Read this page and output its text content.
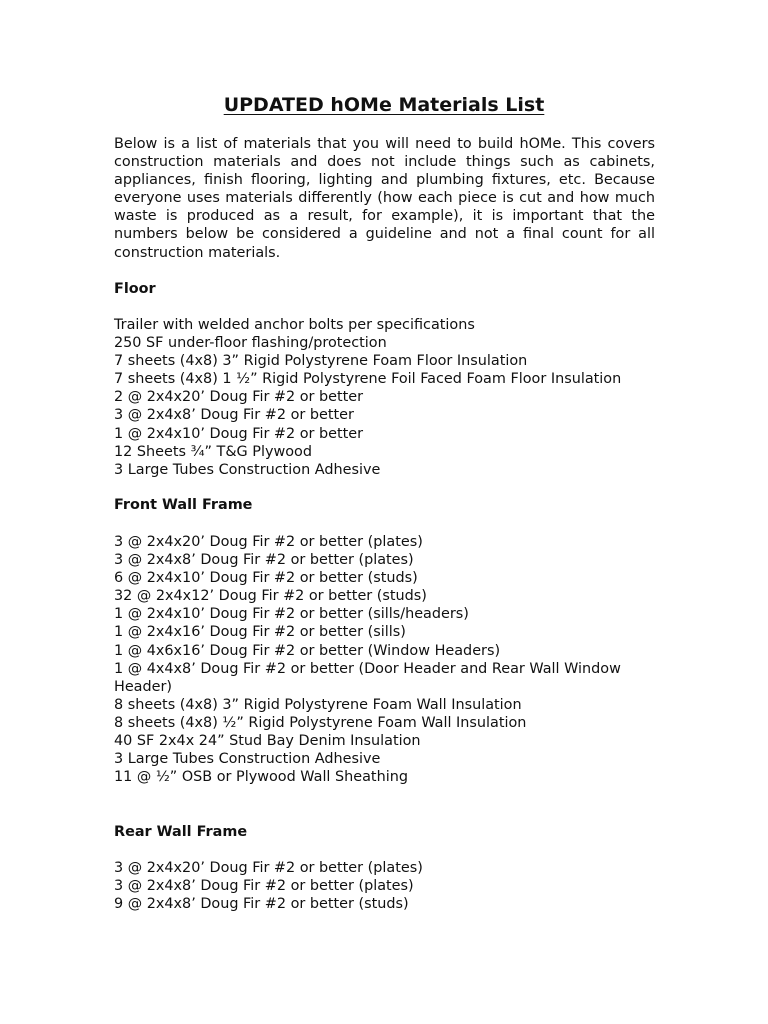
UPDATED hOMe Materials List

Below is a list of materials that you will need to build hOMe. This covers construction materials and does not include things such as cabinets, appliances, finish flooring, lighting and plumbing fixtures, etc. Because everyone uses materials differently (how each piece is cut and how much waste is produced as a result, for example), it is important that the numbers below be considered a guideline and not a final count for all construction materials.

Floor
Trailer with welded anchor bolts per specifications
250 SF under-floor flashing/protection
7 sheets (4x8) 3” Rigid Polystyrene Foam Floor Insulation
7 sheets (4x8) 1 ½” Rigid Polystyrene Foil Faced Foam Floor Insulation
2 @ 2x4x20’ Doug Fir #2 or better
3 @ 2x4x8’ Doug Fir #2 or better
1 @ 2x4x10’ Doug Fir #2 or better
12 Sheets ¾” T&G Plywood
3 Large Tubes Construction Adhesive
Front Wall Frame
3 @ 2x4x20’ Doug Fir #2 or better (plates)
3 @ 2x4x8’ Doug Fir #2 or better (plates)
6 @ 2x4x10’ Doug Fir #2 or better (studs)
32 @ 2x4x12’ Doug Fir #2 or better (studs)
1 @ 2x4x10’ Doug Fir #2 or better (sills/headers)
1 @ 2x4x16’ Doug Fir #2 or better (sills)
1 @ 4x6x16’ Doug Fir #2 or better (Window Headers)
1 @ 4x4x8’ Doug Fir #2 or better (Door Header and Rear Wall Window Header)
8 sheets (4x8) 3” Rigid Polystyrene Foam Wall Insulation
8 sheets (4x8) ½” Rigid Polystyrene Foam Wall Insulation
40 SF 2x4x 24” Stud Bay Denim Insulation
3 Large Tubes Construction Adhesive
11 @ ½” OSB or Plywood Wall Sheathing
Rear Wall Frame
3 @ 2x4x20’ Doug Fir #2 or better (plates)
3 @ 2x4x8’ Doug Fir #2 or better (plates)
9 @ 2x4x8’ Doug Fir #2 or better (studs)
